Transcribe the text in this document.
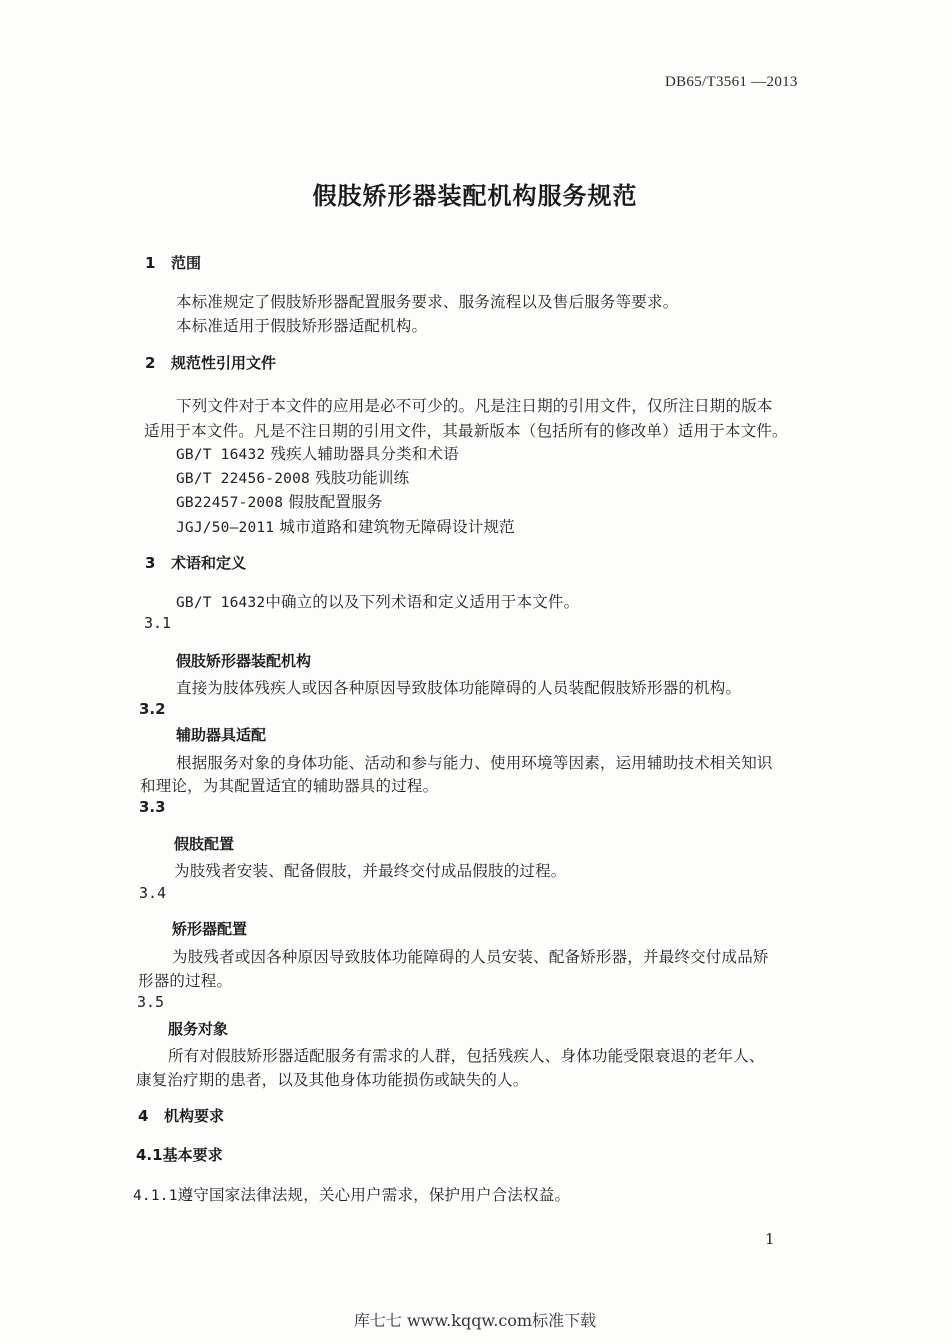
DB65/T3561 —2013
假肢矫形器装配机构服务规范
1 范围
本标准规定了假肢矫形器配置服务要求、服务流程以及售后服务等要求。
本标准适用于假肢矫形器适配机构。
2 规范性引用文件
下列文件对于本文件的应用是必不可少的。凡是注日期的引用文件，仅所注日期的版本
适用于本文件。凡是不注日期的引用文件，其最新版本（包括所有的修改单）适用于本文件。
GB/T 16432 残疾人辅助器具分类和术语
GB/T 22456-2008 残肢功能训练
GB22457-2008 假肢配置服务
JGJ/50—2011 城市道路和建筑物无障碍设计规范
3 术语和定义
GB/T 16432中确立的以及下列术语和定义适用于本文件。
3.1
假肢矫形器装配机构
直接为肢体残疾人或因各种原因导致肢体功能障碍的人员装配假肢矫形器的机构。
3.2
辅助器具适配
根据服务对象的身体功能、活动和参与能力、使用环境等因素，运用辅助技术相关知识
和理论，为其配置适宜的辅助器具的过程。
3.3
假肢配置
为肢残者安装、配备假肢，并最终交付成品假肢的过程。
3.4
矫形器配置
为肢残者或因各种原因导致肢体功能障碍的人员安装、配备矫形器，并最终交付成品矫
形器的过程。
3.5
服务对象
所有对假肢矫形器适配服务有需求的人群，包括残疾人、身体功能受限衰退的老年人、
康复治疗期的患者，以及其他身体功能损伤或缺失的人。
4 机构要求
4.1基本要求
4.1.1遵守国家法律法规，关心用户需求，保护用户合法权益。
1
库七七 www.kqqw.com标准下载
